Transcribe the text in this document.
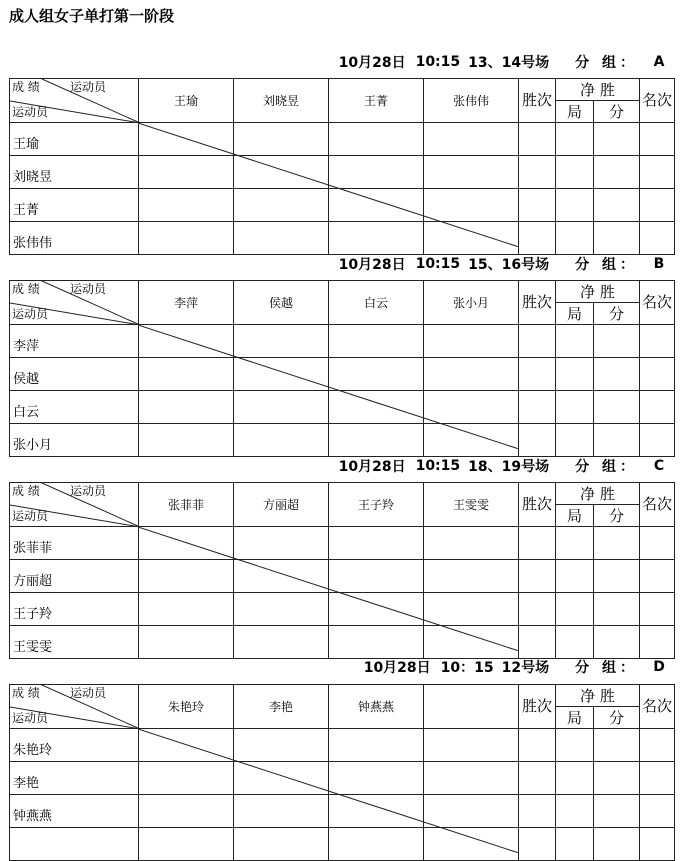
成人组女子单打第一阶段
10月28日 10:15 13、14号场 分 组： A
成 绩 运动员
运动员	王瑜	刘晓昱	王菁	张伟伟	胜次	净 胜		名次
						局	分	
王瑜								
刘晓昱								
王菁								
张伟伟								
10月28日 10:15 15、16号场 分 组： B
成 绩 运动员
运动员	李萍	侯越	白云	张小月	胜次	净 胜		名次
						局	分	
李萍								
侯越								
白云								
张小月								
10月28日 10:15 18、19号场 分 组： C
成 绩 运动员
运动员	张菲菲	方丽超	王子羚	王雯雯	胜次	净 胜		名次
						局	分	
张菲菲								
方丽超								
王子羚								
王雯雯								
10月28日 10：15 12号场 分 组： D
成 绩 运动员
运动员	朱艳玲	李艳	钟燕燕		胜次	净 胜		名次
						局	分	
朱艳玲								
李艳								
钟燕燕								
